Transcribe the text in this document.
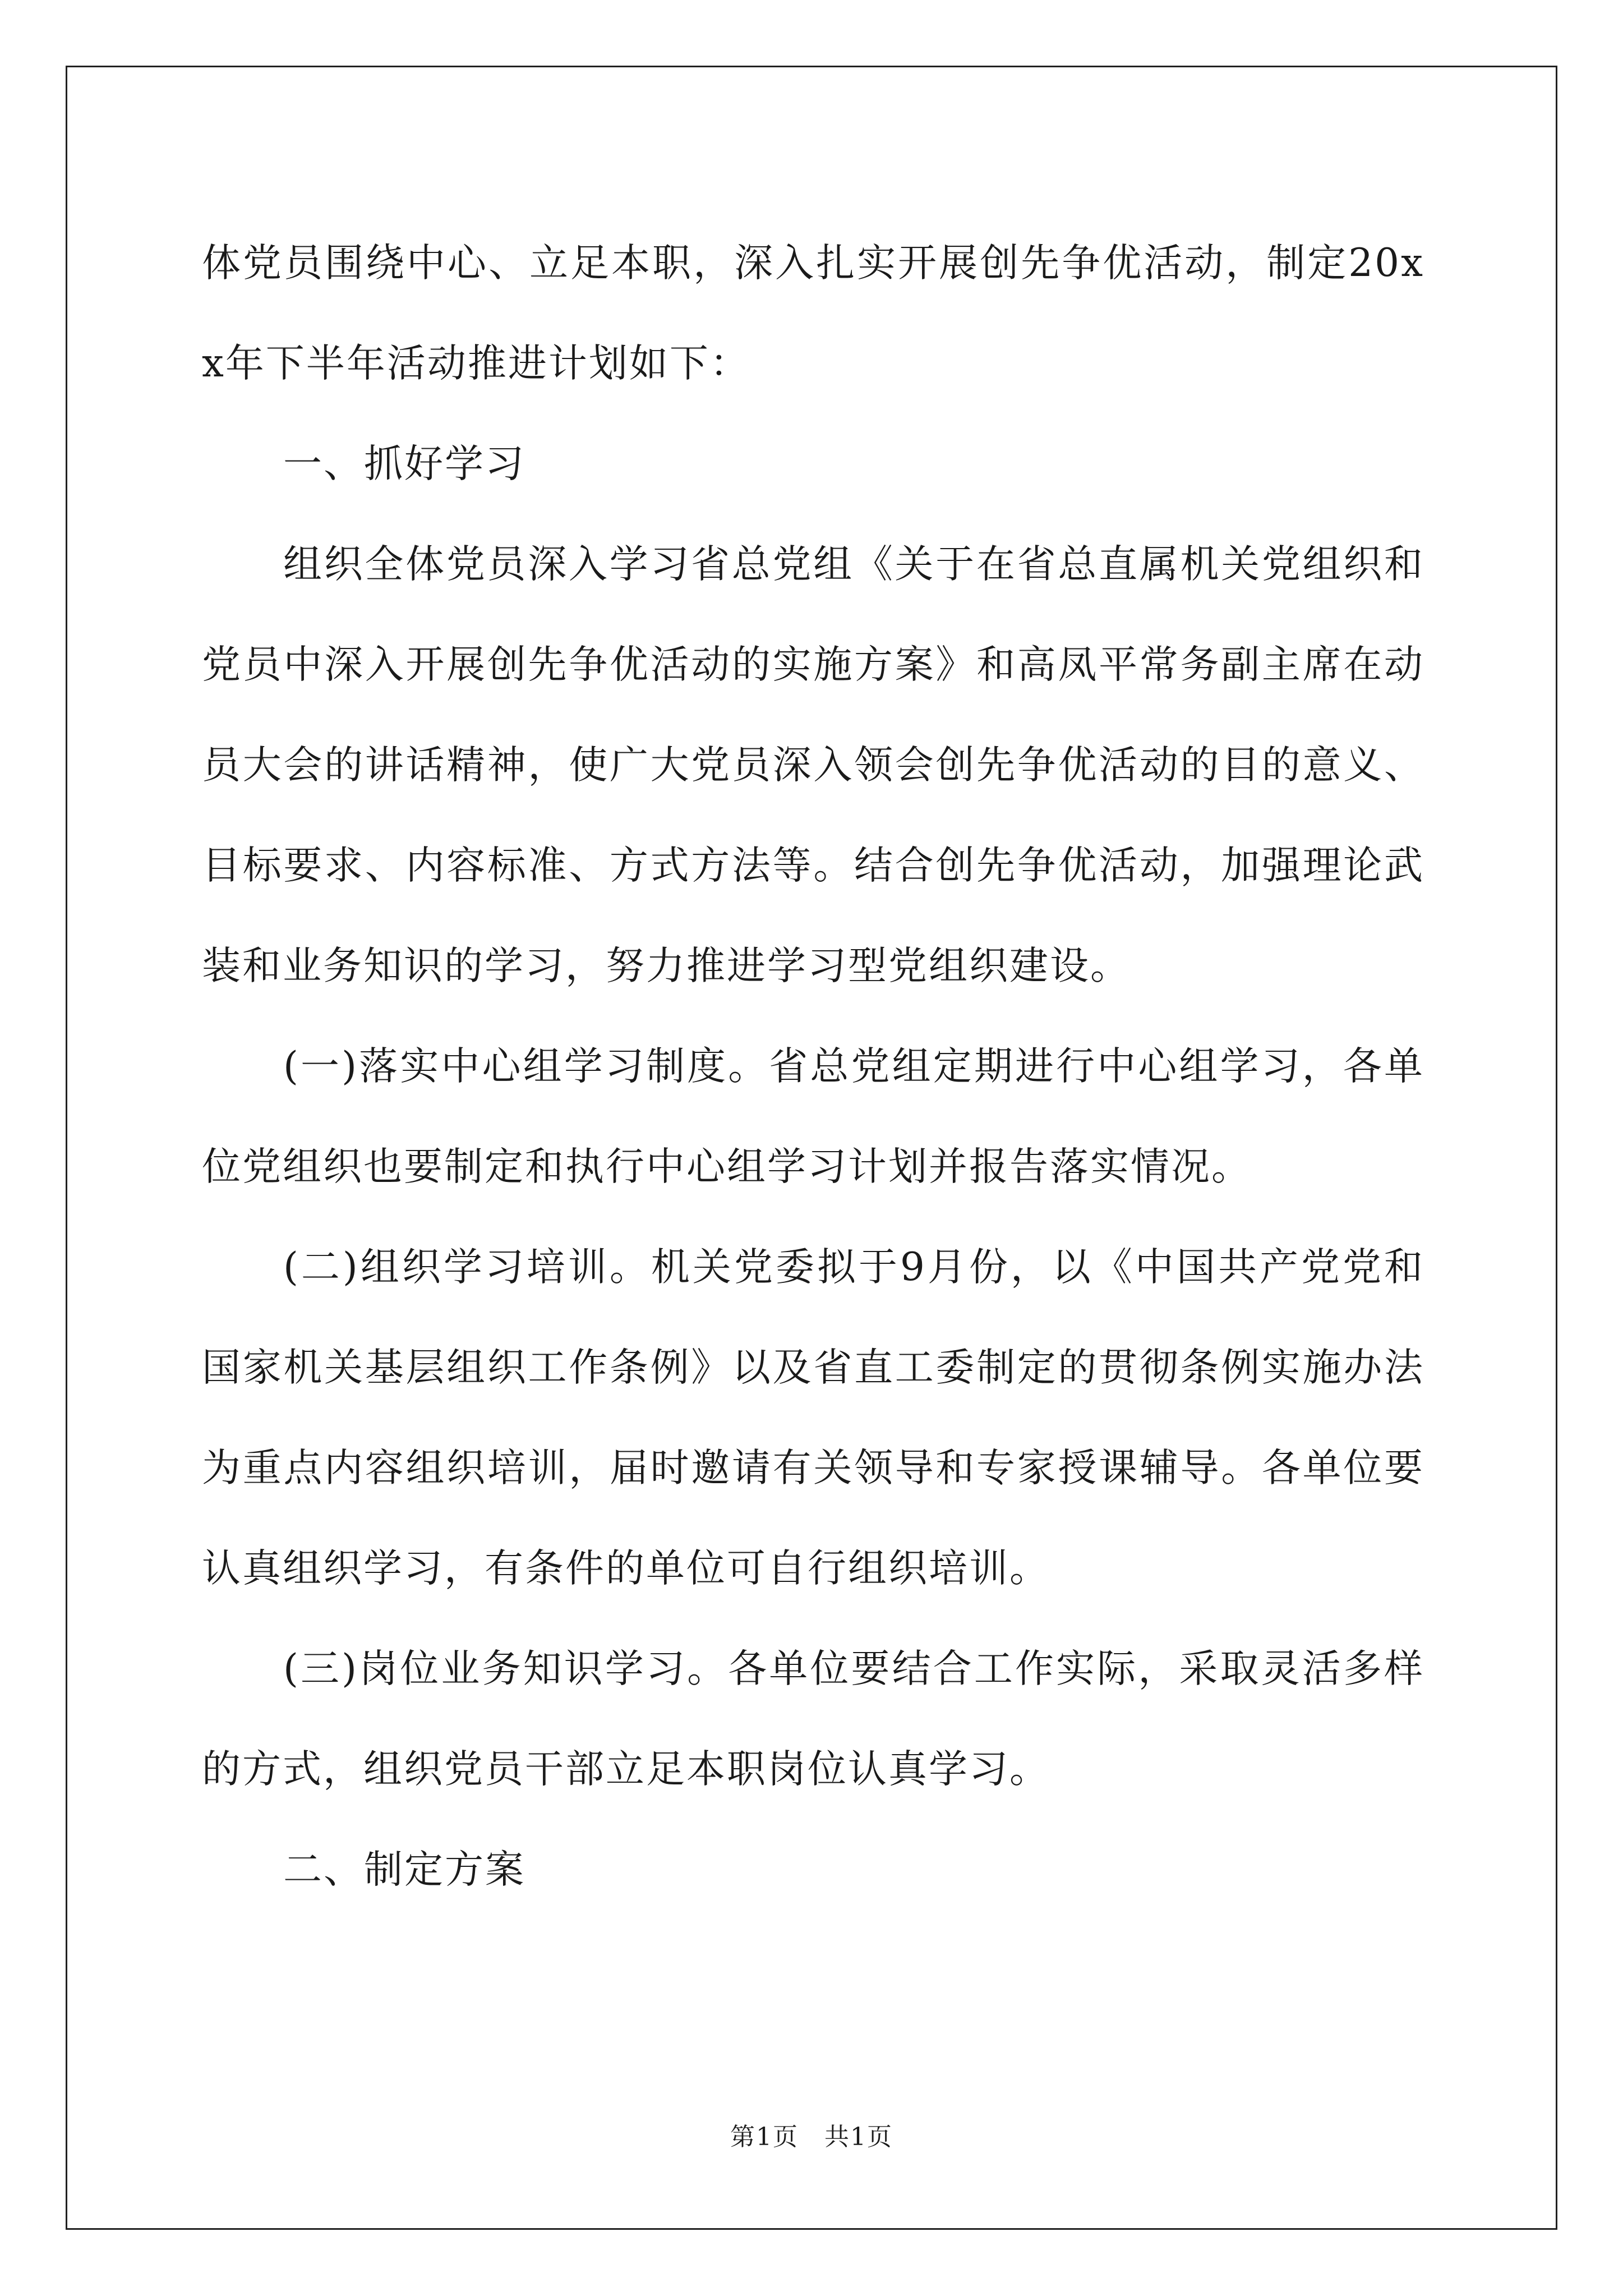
体党员围绕中心、立足本职，深入扎实开展创先争优活动，制定20xx年下半年活动推进计划如下：

一、抓好学习

组织全体党员深入学习省总党组《关于在省总直属机关党组织和党员中深入开展创先争优活动的实施方案》和高凤平常务副主席在动员大会的讲话精神，使广大党员深入领会创先争优活动的目的意义、目标要求、内容标准、方式方法等。结合创先争优活动，加强理论武装和业务知识的学习，努力推进学习型党组织建设。

(一)落实中心组学习制度。省总党组定期进行中心组学习，各单位党组织也要制定和执行中心组学习计划并报告落实情况。

(二)组织学习培训。机关党委拟于9月份，以《中国共产党党和国家机关基层组织工作条例》以及省直工委制定的贯彻条例实施办法为重点内容组织培训，届时邀请有关领导和专家授课辅导。各单位要认真组织学习，有条件的单位可自行组织培训。

(三)岗位业务知识学习。各单位要结合工作实际，采取灵活多样的方式，组织党员干部立足本职岗位认真学习。

二、制定方案

第1页　共1页
